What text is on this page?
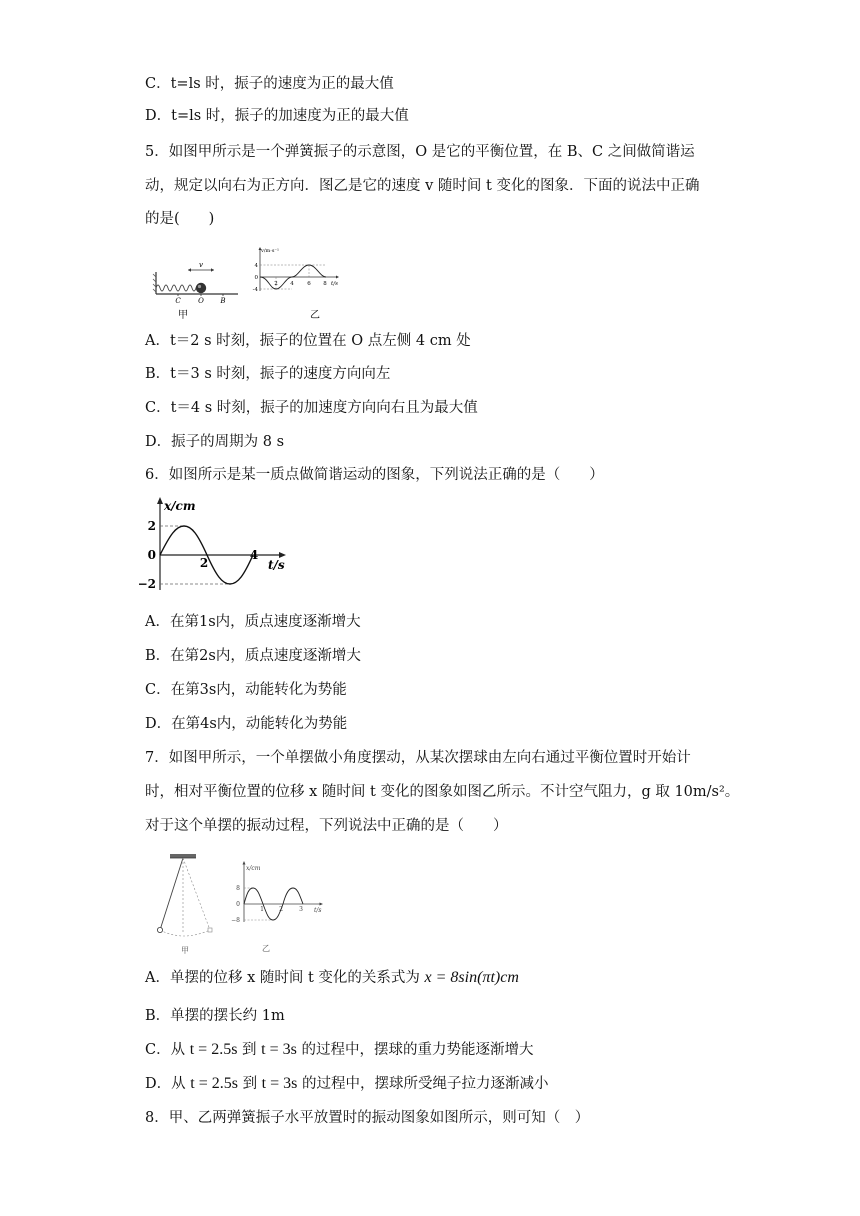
C．t=ls 时，振子的速度为正的最大值
D．t=ls 时，振子的加速度为正的最大值
5．如图甲所示是一个弹簧振子的示意图，O 是它的平衡位置，在 B、C 之间做简谐运
动，规定以向右为正方向．图乙是它的速度 v 随时间 t 变化的图象．下面的说法中正确
的是(　　)
v
C O B
甲
v/m·s⁻¹
t/s
4
0
-4
2 4 6 8
乙
A．t＝2 s 时刻，振子的位置在 O 点左侧 4 cm 处
B．t＝3 s 时刻，振子的速度方向向左
C．t＝4 s 时刻，振子的加速度方向向右且为最大值
D．振子的周期为 8 s
6．如图所示是某一质点做简谐运动的图象，下列说法正确的是（　　）
x/cm
t/s
2
0
−2
2
4
A．在第1s内，质点速度逐渐增大
B．在第2s内，质点速度逐渐增大
C．在第3s内，动能转化为势能
D．在第4s内，动能转化为势能
7．如图甲所示，一个单摆做小角度摆动，从某次摆球由左向右通过平衡位置时开始计
时，相对平衡位置的位移 x 随时间 t 变化的图象如图乙所示。不计空气阻力，g 取 10m/s²。
对于这个单摆的振动过程，下列说法中正确的是（　　）
甲
x/cm
t/s
8
0
−8
1	2	3
乙
A．单摆的位移 x 随时间 t 变化的关系式为 x = 8sin(πt)cm
B．单摆的摆长约 1m
C．从 t = 2.5s 到 t = 3s 的过程中，摆球的重力势能逐渐增大
D．从 t = 2.5s 到 t = 3s 的过程中，摆球所受绳子拉力逐渐减小
8．甲、乙两弹簧振子水平放置时的振动图象如图所示，则可知（　）
